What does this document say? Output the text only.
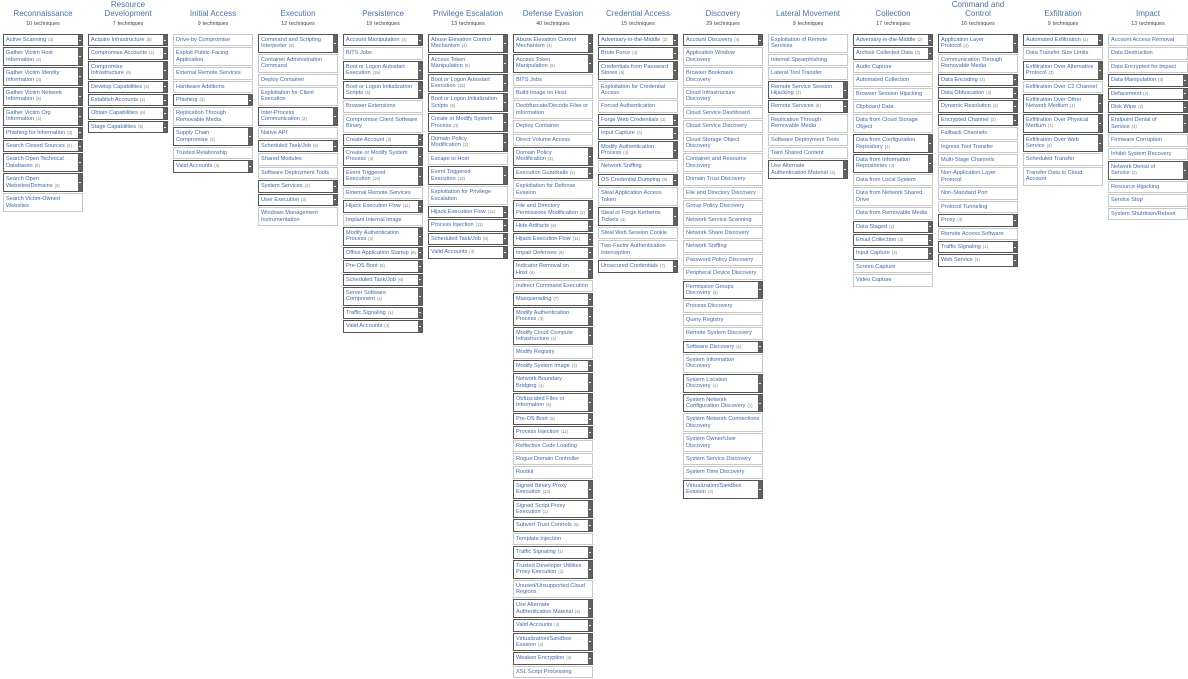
Reconnaissance
10 techniques
Active Scanning (3)
Gather Victim Host Information (4)
Gather Victim Identity Information (3)
Gather Victim Network Information (6)
Gather Victim Org Information (4)
Phishing for Information (3)
Search Closed Sources (2)
Search Open Technical Databases (5)
Search Open Websites/Domains (2)
Search Victim-Owned Websites
Resource Development
7 techniques
Acquire Infrastructure (6)
Compromise Accounts (2)
Compromise Infrastructure (6)
Develop Capabilities (4)
Establish Accounts (2)
Obtain Capabilities (6)
Stage Capabilities (5)
Initial Access
9 techniques
Drive-by Compromise
Exploit Public-Facing Application
External Remote Services
Hardware Additions
Phishing (3)
Replication Through Removable Media
Supply Chain Compromise (3)
Trusted Relationship
Valid Accounts (4)
Execution
12 techniques
Command and Scripting Interpreter (8)
Container Administration Command
Deploy Container
Exploitation for Client Execution
Inter-Process Communication (2)
Native API
Scheduled Task/Job (6)
Shared Modules
Software Deployment Tools
System Services (2)
User Execution (3)
Windows Management Instrumentation
Persistence
19 techniques
Account Manipulation (4)
BITS Jobs
Boot or Logon Autostart Execution (15)
Boot or Logon Initialization Scripts (5)
Browser Extensions
Compromise Client Software Binary
Create Account (3)
Create or Modify System Process (4)
Event Triggered Execution (15)
External Remote Services
Hijack Execution Flow (11)
Implant Internal Image
Modify Authentication Process (4)
Office Application Startup (6)
Pre-OS Boot (5)
Scheduled Task/Job (6)
Server Software Component (4)
Traffic Signaling (1)
Valid Accounts (4)
Privilege Escalation
13 techniques
Abuse Elevation Control Mechanism (4)
Access Token Manipulation (5)
Boot or Logon Autostart Execution (15)
Boot or Logon Initialization Scripts (5)
Create or Modify System Process (4)
Domain Policy Modification (2)
Escape to Host
Event Triggered Execution (15)
Exploitation for Privilege Escalation
Hijack Execution Flow (11)
Process Injection (11)
Scheduled Task/Job (6)
Valid Accounts (4)
Defense Evasion
40 techniques
Abuse Elevation Control Mechanism (4)
Access Token Manipulation (5)
BITS Jobs
Build Image on Host
Deobfuscate/Decode Files or Information
Deploy Container
Direct Volume Access
Domain Policy Modification (2)
Execution Guardrails (1)
Exploitation for Defense Evasion
File and Directory Permissions Modification (2)
Hide Artifacts (9)
Hijack Execution Flow (11)
Impair Defenses (9)
Indicator Removal on Host (6)
Indirect Command Execution
Masquerading (7)
Modify Authentication Process (4)
Modify Cloud Compute Infrastructure (4)
Modify Registry
Modify System Image (2)
Network Boundary Bridging (1)
Obfuscated Files or Information (6)
Pre-OS Boot (5)
Process Injection (11)
Reflective Code Loading
Rogue Domain Controller
Rootkit
Signed Binary Proxy Execution (13)
Signed Script Proxy Execution (1)
Subvert Trust Controls (6)
Template Injection
Traffic Signaling (1)
Trusted Developer Utilities Proxy Execution (1)
Unused/Unsupported Cloud Regions
Use Alternate Authentication Material (4)
Valid Accounts (4)
Virtualization/Sandbox Evasion (3)
Weaken Encryption (2)
XSL Script Processing
Credential Access
15 techniques
Adversary-in-the-Middle (2)
Brute Force (4)
Credentials from Password Stores (5)
Exploitation for Credential Access
Forced Authentication
Forge Web Credentials (2)
Input Capture (4)
Modify Authentication Process (4)
Network Sniffing
OS Credential Dumping (8)
Steal Application Access Token
Steal or Forge Kerberos Tickets (4)
Steal Web Session Cookie
Two-Factor Authentication Interception
Unsecured Credentials (7)
Discovery
29 techniques
Account Discovery (4)
Application Window Discovery
Browser Bookmark Discovery
Cloud Infrastructure Discovery
Cloud Service Dashboard
Cloud Service Discovery
Cloud Storage Object Discovery
Container and Resource Discovery
Domain Trust Discovery
File and Directory Discovery
Group Policy Discovery
Network Service Scanning
Network Share Discovery
Network Sniffing
Password Policy Discovery
Peripheral Device Discovery
Permission Groups Discovery (3)
Process Discovery
Query Registry
Remote System Discovery
Software Discovery (1)
System Information Discovery
System Location Discovery (1)
System Network Configuration Discovery (1)
System Network Connections Discovery
System Owner/User Discovery
System Service Discovery
System Time Discovery
Virtualization/Sandbox Evasion (3)
Lateral Movement
9 techniques
Exploitation of Remote Services
Internal Spearphishing
Lateral Tool Transfer
Remote Service Session Hijacking (2)
Remote Services (6)
Replication Through Removable Media
Software Deployment Tools
Taint Shared Content
Use Alternate Authentication Material (4)
Collection
17 techniques
Adversary-in-the-Middle (2)
Archive Collected Data (3)
Audio Capture
Automated Collection
Browser Session Hijacking
Clipboard Data
Data from Cloud Storage Object
Data from Configuration Repository (2)
Data from Information Repositories (3)
Data from Local System
Data from Network Shared Drive
Data from Removable Media
Data Staged (2)
Email Collection (3)
Input Capture (4)
Screen Capture
Video Capture
Command and Control
16 techniques
Application Layer Protocol (4)
Communication Through Removable Media
Data Encoding (2)
Data Obfuscation (3)
Dynamic Resolution (3)
Encrypted Channel (2)
Fallback Channels
Ingress Tool Transfer
Multi-Stage Channels
Non-Application Layer Protocol
Non-Standard Port
Protocol Tunneling
Proxy (4)
Remote Access Software
Traffic Signaling (1)
Web Service (3)
Exfiltration
9 techniques
Automated Exfiltration (1)
Data Transfer Size Limits
Exfiltration Over Alternative Protocol (3)
Exfiltration Over C2 Channel
Exfiltration Over Other Network Medium (1)
Exfiltration Over Physical Medium (1)
Exfiltration Over Web Service (2)
Scheduled Transfer
Transfer Data to Cloud Account
Impact
13 techniques
Account Access Removal
Data Destruction
Data Encrypted for Impact
Data Manipulation (3)
Defacement (2)
Disk Wipe (2)
Endpoint Denial of Service (4)
Firmware Corruption
Inhibit System Recovery
Network Denial of Service (2)
Resource Hijacking
Service Stop
System Shutdown/Reboot
